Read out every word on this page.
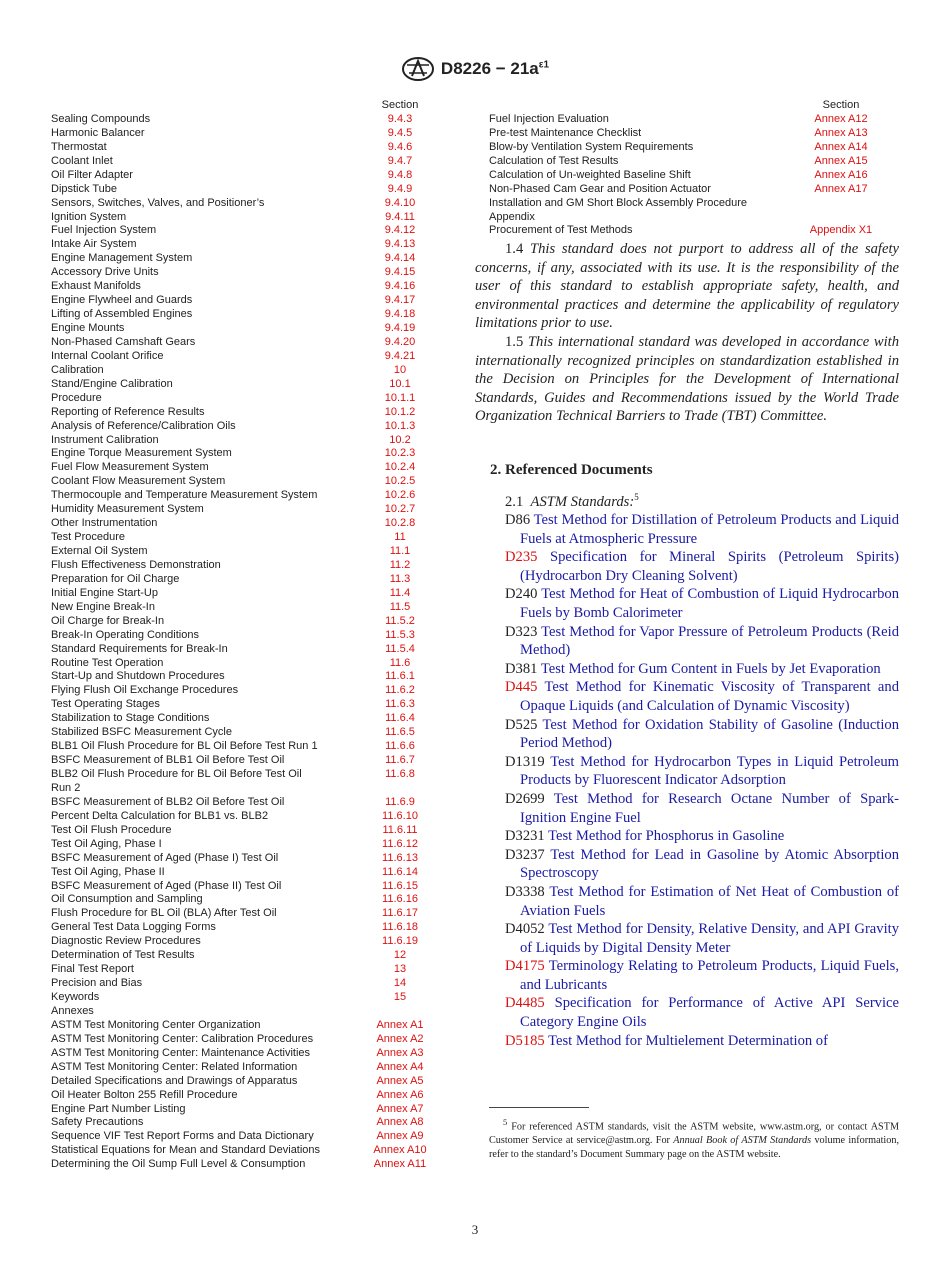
$D8226 - 21a^{\varepsilon 1}$
Section
Sealing Compounds	9.4.3
Harmonic Balancer	9.4.5
Thermostat	9.4.6
Coolant Inlet	9.4.7
Oil Filter Adapter	9.4.8
Dipstick Tube	9.4.9
Sensors, Switches, Valves, and Positioner’s	9.4.10
Ignition System	9.4.11
Fuel Injection System	9.4.12
Intake Air System	9.4.13
Engine Management System	9.4.14
Accessory Drive Units	9.4.15
Exhaust Manifolds	9.4.16
Engine Flywheel and Guards	9.4.17
Lifting of Assembled Engines	9.4.18
Engine Mounts	9.4.19
Non-Phased Camshaft Gears	9.4.20
Internal Coolant Orifice	9.4.21
Calibration	10
Stand/Engine Calibration	10.1
Procedure	10.1.1
Reporting of Reference Results	10.1.2
Analysis of Reference/Calibration Oils	10.1.3
Instrument Calibration	10.2
Engine Torque Measurement System	10.2.3
Fuel Flow Measurement System	10.2.4
Coolant Flow Measurement System	10.2.5
Thermocouple and Temperature Measurement System	10.2.6
Humidity Measurement System	10.2.7
Other Instrumentation	10.2.8
Test Procedure	11
External Oil System	11.1
Flush Effectiveness Demonstration	11.2
Preparation for Oil Charge	11.3
Initial Engine Start-Up	11.4
New Engine Break-In	11.5
Oil Charge for Break-In	11.5.2
Break-In Operating Conditions	11.5.3
Standard Requirements for Break-In	11.5.4
Routine Test Operation	11.6
Start-Up and Shutdown Procedures	11.6.1
Flying Flush Oil Exchange Procedures	11.6.2
Test Operating Stages	11.6.3
Stabilization to Stage Conditions	11.6.4
Stabilized BSFC Measurement Cycle	11.6.5
BLB1 Oil Flush Procedure for BL Oil Before Test Run 1	11.6.6
BSFC Measurement of BLB1 Oil Before Test Oil	11.6.7
BLB2 Oil Flush Procedure for BL Oil Before Test Oil	11.6.8
Run 2
BSFC Measurement of BLB2 Oil Before Test Oil	11.6.9
Percent Delta Calculation for BLB1 vs. BLB2	11.6.10
Test Oil Flush Procedure	11.6.11
Test Oil Aging, Phase I	11.6.12
BSFC Measurement of Aged (Phase I) Test Oil	11.6.13
Test Oil Aging, Phase II	11.6.14
BSFC Measurement of Aged (Phase II) Test Oil	11.6.15
Oil Consumption and Sampling	11.6.16
Flush Procedure for BL Oil (BLA) After Test Oil	11.6.17
General Test Data Logging Forms	11.6.18
Diagnostic Review Procedures	11.6.19
Determination of Test Results	12
Final Test Report	13
Precision and Bias	14
Keywords	15
Annexes
ASTM Test Monitoring Center Organization	Annex A1
ASTM Test Monitoring Center: Calibration Procedures	Annex A2
ASTM Test Monitoring Center: Maintenance Activities	Annex A3
ASTM Test Monitoring Center: Related Information	Annex A4
Detailed Specifications and Drawings of Apparatus	Annex A5
Oil Heater Bolton 255 Refill Procedure	Annex A6
Engine Part Number Listing	Annex A7
Safety Precautions	Annex A8
Sequence VIF Test Report Forms and Data Dictionary	Annex A9
Statistical Equations for Mean and Standard Deviations	Annex A10
Determining the Oil Sump Full Level & Consumption	Annex A11
Section
Fuel Injection Evaluation	Annex A12
Pre-test Maintenance Checklist	Annex A13
Blow-by Ventilation System Requirements	Annex A14
Calculation of Test Results	Annex A15
Calculation of Un-weighted Baseline Shift	Annex A16
Non-Phased Cam Gear and Position Actuator	Annex A17
Installation and GM Short Block Assembly Procedure
Appendix
Procurement of Test Methods	Appendix X1

1.4 This standard does not purport to address all of the safety concerns, if any, associated with its use. It is the responsibility of the user of this standard to establish appropriate safety, health, and environmental practices and determine the applicability of regulatory limitations prior to use.

1.5 This international standard was developed in accordance with internationally recognized principles on standardization established in the Decision on Principles for the Development of International Standards, Guides and Recommendations issued by the World Trade Organization Technical Barriers to Trade (TBT) Committee.

2. Referenced Documents

2.1 ASTM Standards:$^5$

D86 Test Method for Distillation of Petroleum Products and Liquid Fuels at Atmospheric Pressure

D235 Specification for Mineral Spirits (Petroleum Spirits) (Hydrocarbon Dry Cleaning Solvent)

D240 Test Method for Heat of Combustion of Liquid Hydrocarbon Fuels by Bomb Calorimeter

D323 Test Method for Vapor Pressure of Petroleum Products (Reid Method)

D381 Test Method for Gum Content in Fuels by Jet Evaporation

D445 Test Method for Kinematic Viscosity of Transparent and Opaque Liquids (and Calculation of Dynamic Viscosity)

D525 Test Method for Oxidation Stability of Gasoline (Induction Period Method)

D1319 Test Method for Hydrocarbon Types in Liquid Petroleum Products by Fluorescent Indicator Adsorption

D2699 Test Method for Research Octane Number of Spark-Ignition Engine Fuel

D3231 Test Method for Phosphorus in Gasoline

D3237 Test Method for Lead in Gasoline by Atomic Absorption Spectroscopy

D3338 Test Method for Estimation of Net Heat of Combustion of Aviation Fuels

D4052 Test Method for Density, Relative Density, and API Gravity of Liquids by Digital Density Meter

D4175 Terminology Relating to Petroleum Products, Liquid Fuels, and Lubricants

D4485 Specification for Performance of Active API Service Category Engine Oils

D5185 Test Method for Multielement Determination of

$^5$ For referenced ASTM standards, visit the ASTM website, www.astm.org, or contact ASTM Customer Service at service@astm.org. For Annual Book of ASTM Standards volume information, refer to the standard’s Document Summary page on the ASTM website.
3
